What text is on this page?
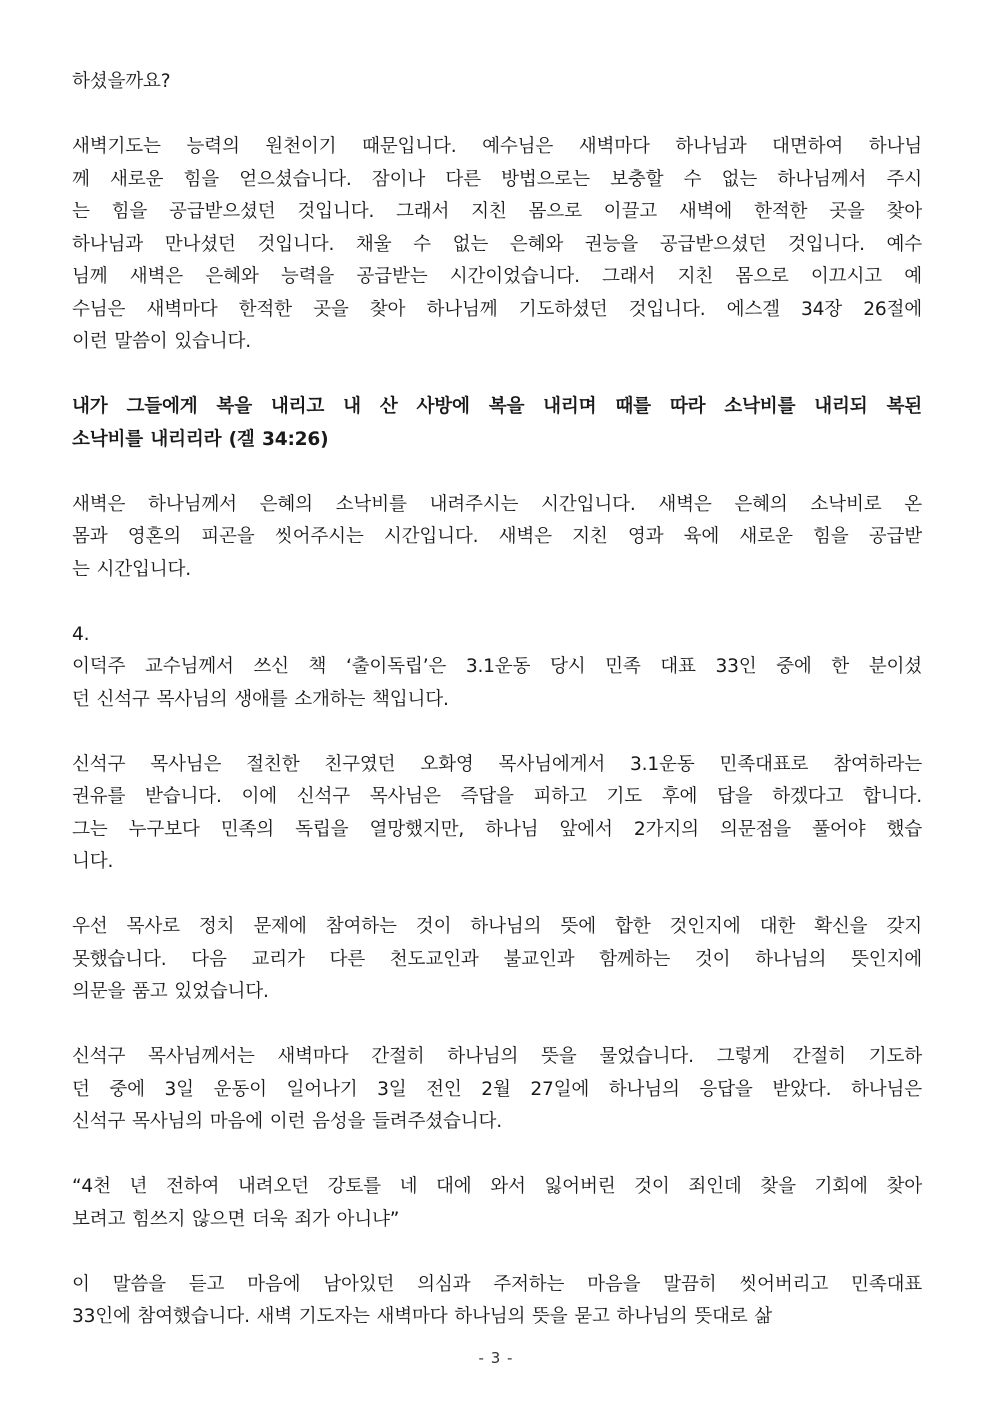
하셨을까요?
새벽기도는 능력의 원천이기 때문입니다. 예수님은 새벽마다 하나님과 대면하여 하나님
께 새로운 힘을 얻으셨습니다. 잠이나 다른 방법으로는 보충할 수 없는 하나님께서 주시
는 힘을 공급받으셨던 것입니다. 그래서 지친 몸으로 이끌고 새벽에 한적한 곳을 찾아
하나님과 만나셨던 것입니다. 채울 수 없는 은혜와 권능을 공급받으셨던 것입니다. 예수
님께 새벽은 은혜와 능력을 공급받는 시간이었습니다. 그래서 지친 몸으로 이끄시고 예
수님은 새벽마다 한적한 곳을 찾아 하나님께 기도하셨던 것입니다. 에스겔 34장 26절에
이런 말씀이 있습니다.
내가 그들에게 복을 내리고 내 산 사방에 복을 내리며 때를 따라 소낙비를 내리되 복된
소낙비를 내리리라 (겔 34:26)
새벽은 하나님께서 은혜의 소낙비를 내려주시는 시간입니다. 새벽은 은혜의 소낙비로 온
몸과 영혼의 피곤을 씻어주시는 시간입니다. 새벽은 지친 영과 육에 새로운 힘을 공급받
는 시간입니다.
4.
이덕주 교수님께서 쓰신 책 ‘출이독립’은 3.1운동 당시 민족 대표 33인 중에 한 분이셨
던 신석구 목사님의 생애를 소개하는 책입니다.
신석구 목사님은 절친한 친구였던 오화영 목사님에게서 3.1운동 민족대표로 참여하라는
권유를 받습니다. 이에 신석구 목사님은 즉답을 피하고 기도 후에 답을 하겠다고 합니다.
그는 누구보다 민족의 독립을 열망했지만, 하나님 앞에서 2가지의 의문점을 풀어야 했습
니다.
우선 목사로 정치 문제에 참여하는 것이 하나님의 뜻에 합한 것인지에 대한 확신을 갖지
못했습니다. 다음 교리가 다른 천도교인과 불교인과 함께하는 것이 하나님의 뜻인지에
의문을 품고 있었습니다.
신석구 목사님께서는 새벽마다 간절히 하나님의 뜻을 물었습니다. 그렇게 간절히 기도하
던 중에 3일 운동이 일어나기 3일 전인 2월 27일에 하나님의 응답을 받았다. 하나님은
신석구 목사님의 마음에 이런 음성을 들려주셨습니다.
“4천 년 전하여 내려오던 강토를 네 대에 와서 잃어버린 것이 죄인데 찾을 기회에 찾아
보려고 힘쓰지 않으면 더욱 죄가 아니냐”
이 말씀을 듣고 마음에 남아있던 의심과 주저하는 마음을 말끔히 씻어버리고 민족대표
33인에 참여했습니다. 새벽 기도자는 새벽마다 하나님의 뜻을 묻고 하나님의 뜻대로 삶
- 3 -
